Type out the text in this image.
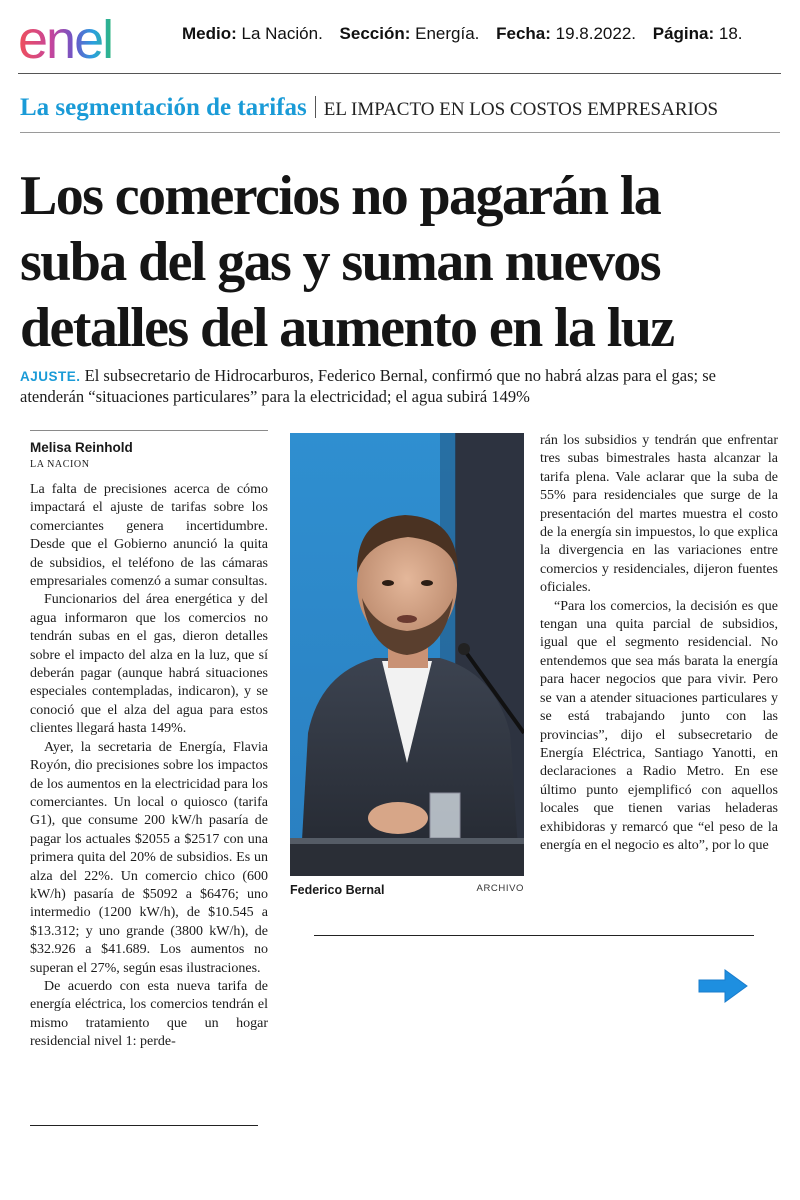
enel	Medio: La Nación. Sección: Energía. Fecha: 19.8.2022. Página: 18.
La segmentación de tarifas EL IMPACTO EN LOS COSTOS EMPRESARIOS
Los comercios no pagarán la
suba del gas y suman nuevos
detalles del aumento en la luz
AJUSTE. El subsecretario de Hidrocarburos, Federico Bernal, confirmó que no habrá alzas para el gas; se atenderán “situaciones particulares” para la electricidad; el agua subirá 149%
Melisa Reinhold
LA NACION

La falta de precisiones acerca de cómo impactará el ajuste de tarifas sobre los comerciantes genera incertidumbre. Desde que el Gobierno anunció la quita de subsidios, el teléfono de las cámaras empresariales comenzó a sumar consultas.

Funcionarios del área energética y del agua informaron que los comercios no tendrán subas en el gas, dieron detalles sobre el impacto del alza en la luz, que sí deberán pagar (aunque habrá situaciones especiales contempladas, indicaron), y se conoció que el alza del agua para estos clientes llegará hasta 149%.

Ayer, la secretaria de Energía, Flavia Royón, dio precisiones sobre los impactos de los aumentos en la electricidad para los comerciantes. Un local o quiosco (tarifa G1), que consume 200 kW/h pasaría de pagar los actuales $2055 a $2517 con una primera quita del 20% de subsidios. Es un alza del 22%. Un comercio chico (600 kW/h) pasaría de $5092 a $6476; uno intermedio (1200 kW/h), de $10.545 a $13.312; y uno grande (3800 kW/h), de $32.926 a $41.689. Los aumentos no superan el 27%, según esas ilustraciones.

De acuerdo con esta nueva tarifa de energía eléctrica, los comercios tendrán el mismo tratamiento que un hogar residencial nivel 1: perde-

Federico Bernal	ARCHIVO

rán los subsidios y tendrán que enfrentar tres subas bimestrales hasta alcanzar la tarifa plena. Vale aclarar que la suba de 55% para residenciales que surge de la presentación del martes muestra el costo de la energía sin impuestos, lo que explica la divergencia en las variaciones entre comercios y residenciales, dijeron fuentes oficiales.

“Para los comercios, la decisión es que tengan una quita parcial de subsidios, igual que el segmento residencial. No entendemos que sea más barata la energía para hacer negocios que para vivir. Pero se van a atender situaciones particulares y se está trabajando junto con las provincias”, dijo el subsecretario de Energía Eléctrica, Santiago Yanotti, en declaraciones a Radio Metro. En ese último punto ejemplificó con aquellos locales que tienen varias heladeras exhibidoras y remarcó que “el peso de la energía en el negocio es alto”, por lo que
